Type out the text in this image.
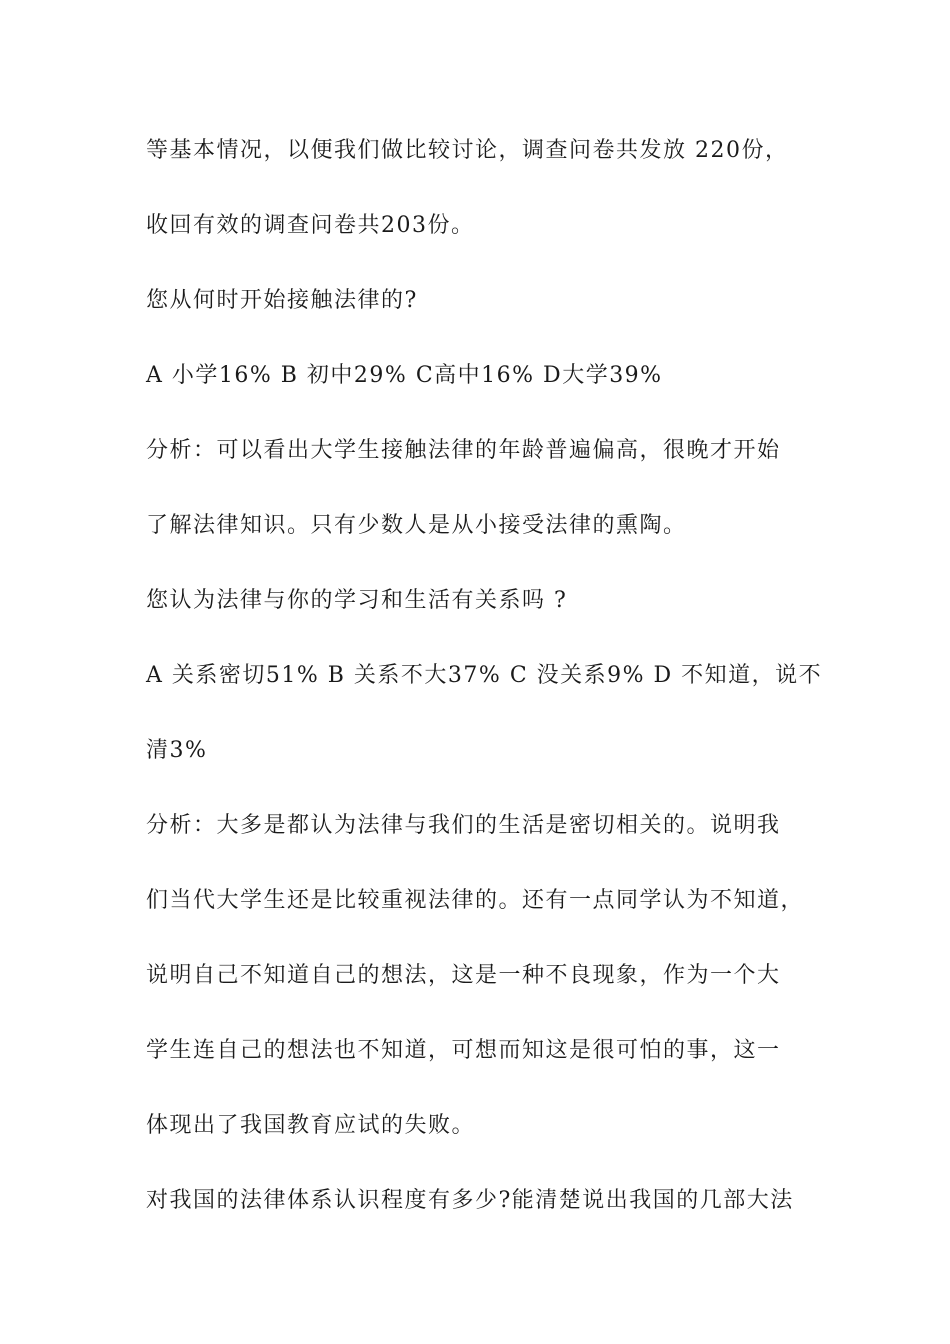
等基本情况，以便我们做比较讨论，调查问卷共发放 220份，
收回有效的调查问卷共203份。
您从何时开始接触法律的?
A 小学16% B 初中29% C高中16% D大学39%
分析：可以看出大学生接触法律的年龄普遍偏高，很晚才开始
了解法律知识。只有少数人是从小接受法律的熏陶。
您认为法律与你的学习和生活有关系吗 ?
A 关系密切51% B 关系不大37% C 没关系9% D 不知道，说不
清3%
分析：大多是都认为法律与我们的生活是密切相关的。说明我
们当代大学生还是比较重视法律的。还有一点同学认为不知道，
说明自己不知道自己的想法，这是一种不良现象，作为一个大
学生连自己的想法也不知道，可想而知这是很可怕的事，这一
体现出了我国教育应试的失败。
对我国的法律体系认识程度有多少?能清楚说出我国的几部大法
